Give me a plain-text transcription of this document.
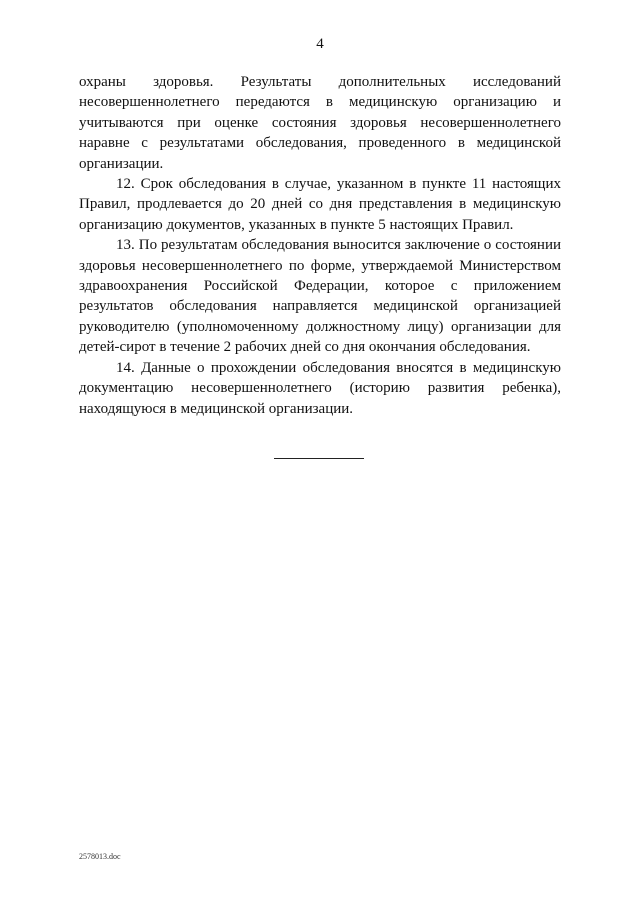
4

охраны здоровья. Результаты дополнительных исследований несовершеннолетнего передаются в медицинскую организацию и учитываются при оценке состояния здоровья несовершеннолетнего наравне с результатами обследования, проведенного в медицинской организации.

12. Срок обследования в случае, указанном в пункте 11 настоящих Правил, продлевается до 20 дней со дня представления в медицинскую организацию документов, указанных в пункте 5 настоящих Правил.

13. По результатам обследования выносится заключение о состоянии здоровья несовершеннолетнего по форме, утверждаемой Министерством здравоохранения Российской Федерации, которое с приложением результатов обследования направляется медицинской организацией руководителю (уполномоченному должностному лицу) организации для детей-сирот в течение 2 рабочих дней со дня окончания обследования.

14. Данные о прохождении обследования вносятся в медицинскую документацию несовершеннолетнего (историю развития ребенка), находящуюся в медицинской организации.

2578013.doc
